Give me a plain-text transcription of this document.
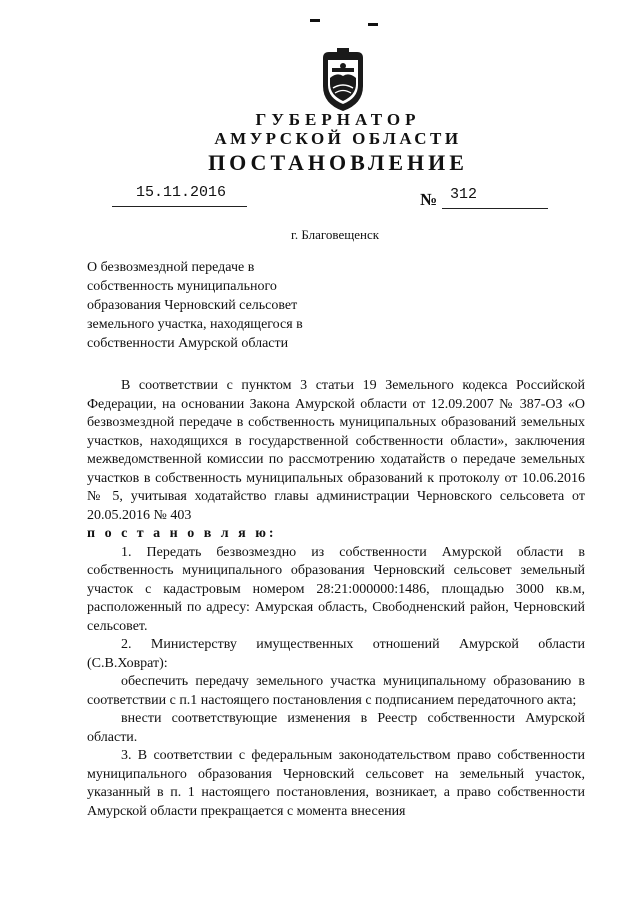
ГУБЕРНАТОР
АМУРСКОЙ ОБЛАСТИ
ПОСТАНОВЛЕНИЕ
15.11.2016	№ 312
г. Благовещенск
О безвозмездной передаче в
собственность муниципального
образования Черновский сельсовет
земельного участка, находящегося в
собственности Амурской области

В соответствии с пунктом 3 статьи 19 Земельного кодекса Российской Федерации, на основании Закона Амурской области от 12.09.2007 № 387-ОЗ «О безвозмездной передаче в собственность муниципальных образований земельных участков, находящихся в государственной собственности области», заключения межведомственной комиссии по рассмотрению ходатайств о передаче земельных участков в собственность муниципальных образований к протоколу от 10.06.2016 № 5, учитывая ходатайство главы администрации Черновского сельсовета от 20.05.2016 № 403

п о с т а н о в л я ю:

1. Передать безвозмездно из собственности Амурской области в собственность муниципального образования Черновский сельсовет земельный участок с кадастровым номером 28:21:000000:1486, площадью 3000 кв.м, расположенный по адресу: Амурская область, Свободненский район, Черновский сельсовет.

2. Министерству имущественных отношений Амурской области (С.В.Ховрат):

обеспечить передачу земельного участка муниципальному образованию в соответствии с п.1 настоящего постановления с подписанием передаточного акта;

внести соответствующие изменения в Реестр собственности Амурской области.

3. В соответствии с федеральным законодательством право собственности муниципального образования Черновский сельсовет на земельный участок, указанный в п. 1 настоящего постановления, возникает, а право собственности Амурской области прекращается с момента внесения

▬	▬
